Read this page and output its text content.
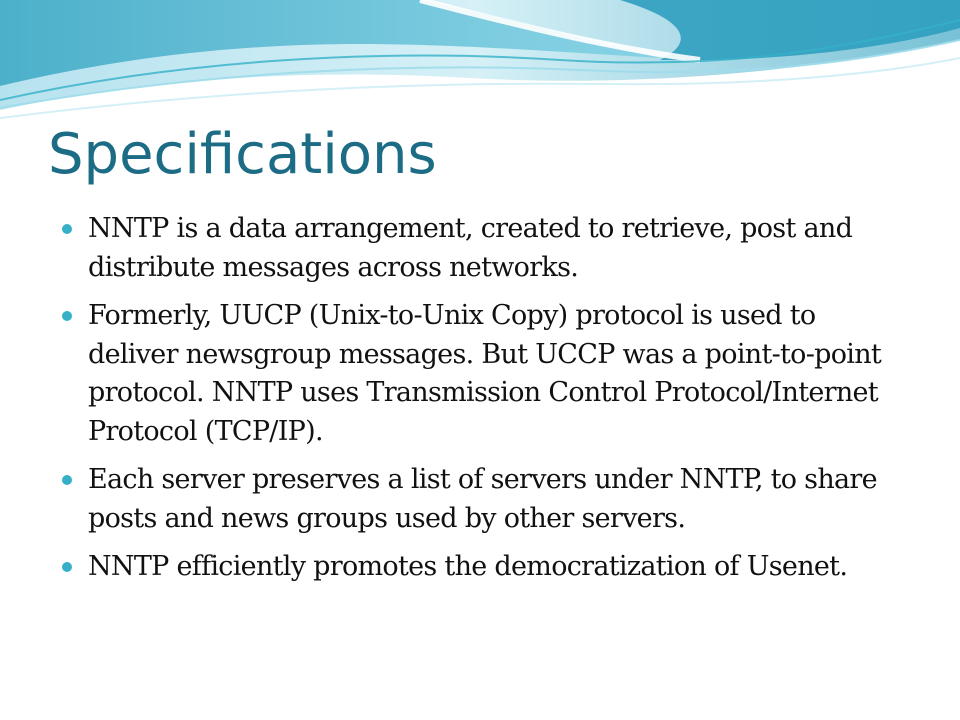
Specifications
NNTP is a data arrangement, created to retrieve, post and distribute messages across networks.
Formerly, UUCP (Unix-to-Unix Copy) protocol is used to deliver newsgroup messages. But UCCP was a point-to-point protocol. NNTP uses Transmission Control Protocol/Internet Protocol (TCP/IP).
Each server preserves a list of servers under NNTP, to share posts and news groups used by other servers.
NNTP efficiently promotes the democratization of Usenet.
